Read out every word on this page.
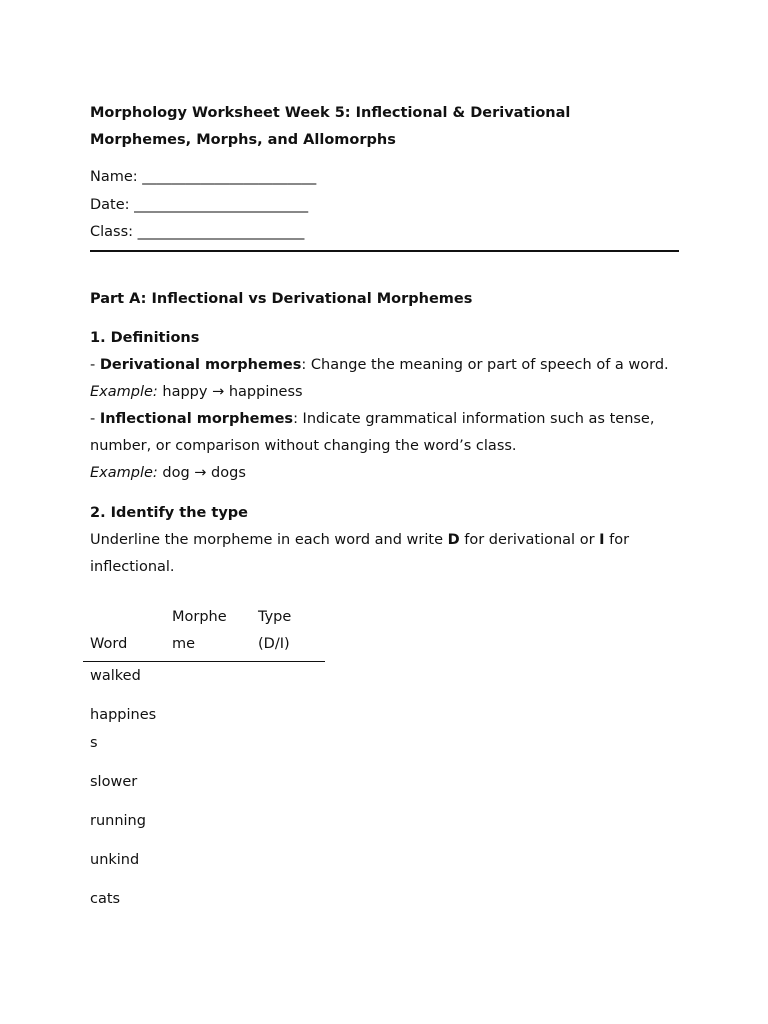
Morphology Worksheet Week 5: Inflectional & Derivational

Morphemes, Morphs, and Allomorphs

Name: ________________________
Date: ________________________
Class: _______________________
Part A: Inflectional vs Derivational Morphemes
1. Definitions
- Derivational morphemes: Change the meaning or part of speech of a word.
Example: happy → happiness
- Inflectional morphemes: Indicate grammatical information such as tense, number, or comparison without changing the word’s class.
Example: dog → dogs
2. Identify the type
Underline the morpheme in each word and write D for derivational or I for inflectional.
Word	Morpheme	Type (D/I)

walked		

happiness		

slower		

running		

unkind		

cats		
